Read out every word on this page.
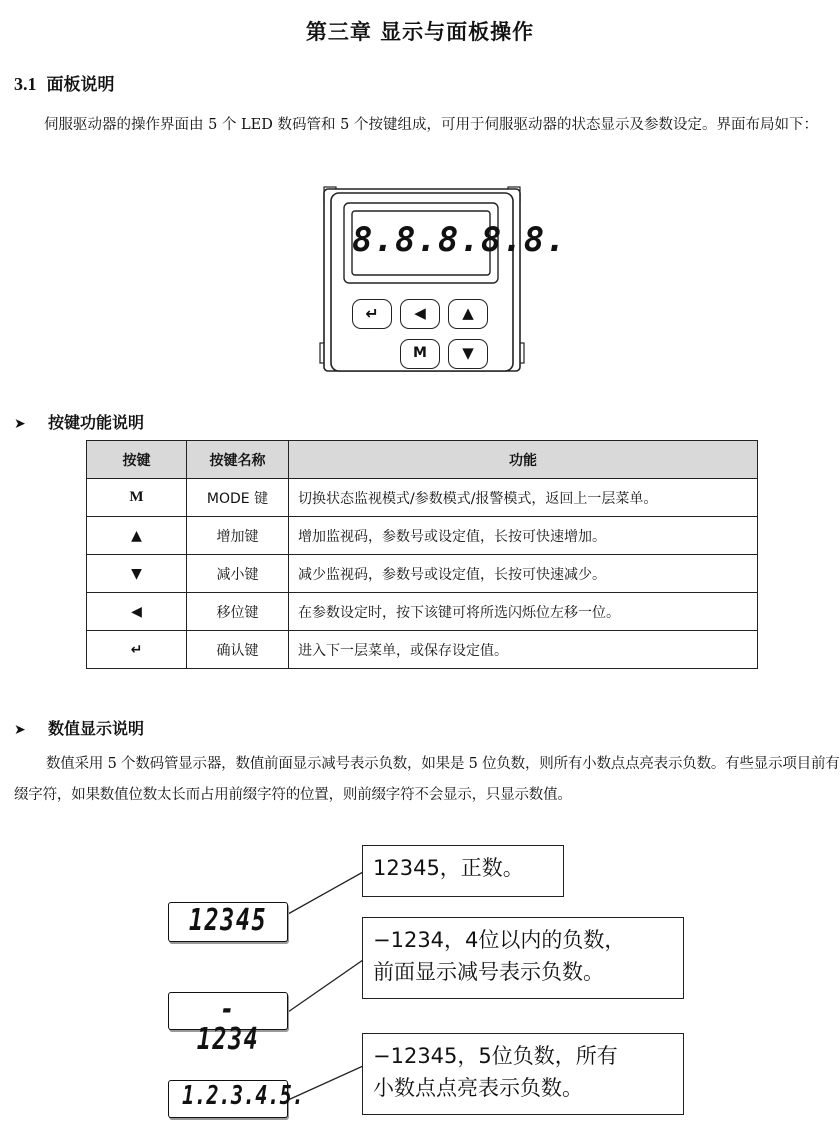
第三章 显示与面板操作
3.1 面板说明
伺服驱动器的操作界面由 5 个 LED 数码管和 5 个按键组成，可用于伺服驱动器的状态显示及参数设定。界面布局如下：
8.8.8.8.8.
↵	◀	▲
M	▼
➤ 按键功能说明
按键	按键名称	功能
M	MODE 键	切换状态监视模式/参数模式/报警模式，返回上一层菜单。
▲	增加键	增加监视码，参数号或设定值，长按可快速增加。
▼	减小键	减少监视码，参数号或设定值，长按可快速减少。
◀	移位键	在参数设定时，按下该键可将所选闪烁位左移一位。
↵	确认键	进入下一层菜单，或保存设定值。
➤ 数值显示说明
数值采用 5 个数码管显示器，数值前面显示减号表示负数，如果是 5 位负数，则所有小数点点亮表示负数。有些显示项目前有缀字符，如果数值位数太长而占用前缀字符的位置，则前缀字符不会显示，只显示数值。
12345
12345，正数。
- 1234
−1234，4位以内的负数，
前面显示减号表示负数。
1.2.3.4.5.
−12345，5位负数，所有
小数点点亮表示负数。
